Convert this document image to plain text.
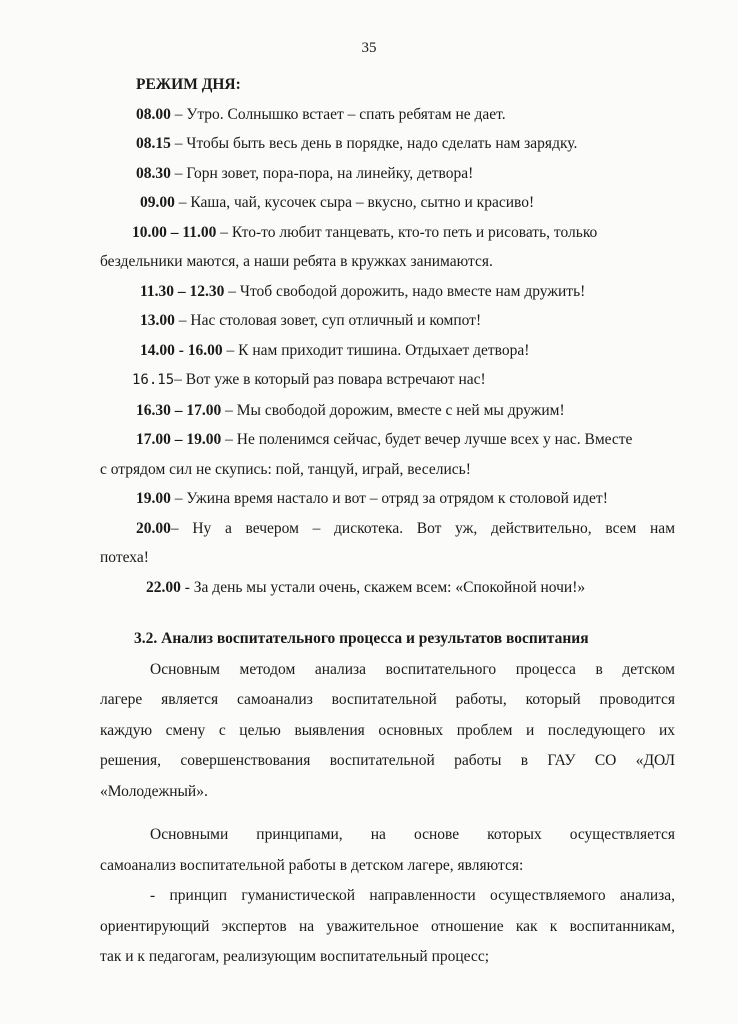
35
РЕЖИМ ДНЯ:
08.00 – Утро. Солнышко встает – спать ребятам не дает.
08.15 – Чтобы быть весь день в порядке, надо сделать нам зарядку.
08.30 – Горн зовет, пора-пора, на линейку, детвора!
09.00 – Каша, чай, кусочек сыра – вкусно, сытно и красиво!
10.00 – 11.00 – Кто-то любит танцевать, кто-то петь и рисовать, только
бездельники маются, а наши ребята в кружках занимаются.
11.30 – 12.30 – Чтоб свободой дорожить, надо вместе нам дружить!
13.00 – Нас столовая зовет, суп отличный и компот!
14.00 - 16.00 – К нам приходит тишина. Отдыхает детвора!
16.15– Вот уже в который раз повара встречают нас!
16.30 – 17.00 – Мы свободой дорожим, вместе с ней мы дружим!
17.00 – 19.00 – Не поленимся сейчас, будет вечер лучше всех у нас. Вместе
с отрядом сил не скупись: пой, танцуй, играй, веселись!
19.00 – Ужина время настало и вот – отряд за отрядом к столовой идет!
20.00 – Ну а вечером – дискотека. Вот уж, действительно, всем нам
потеха!
22.00 - За день мы устали очень, скажем всем: «Спокойной ночи!»
3.2. Анализ воспитательного процесса и результатов воспитания
Основным методом анализа воспитательного процесса в детском
лагере является самоанализ воспитательной работы, который проводится
каждую смену с целью выявления основных проблем и последующего их
решения, совершенствования воспитательной работы в ГАУ СО «ДОЛ
«Молодежный».
Основными принципами, на основе которых осуществляется
самоанализ воспитательной работы в детском лагере, являются:
- принцип гуманистической направленности осуществляемого анализа,
ориентирующий экспертов на уважительное отношение как к воспитанникам,
так и к педагогам, реализующим воспитательный процесс;
